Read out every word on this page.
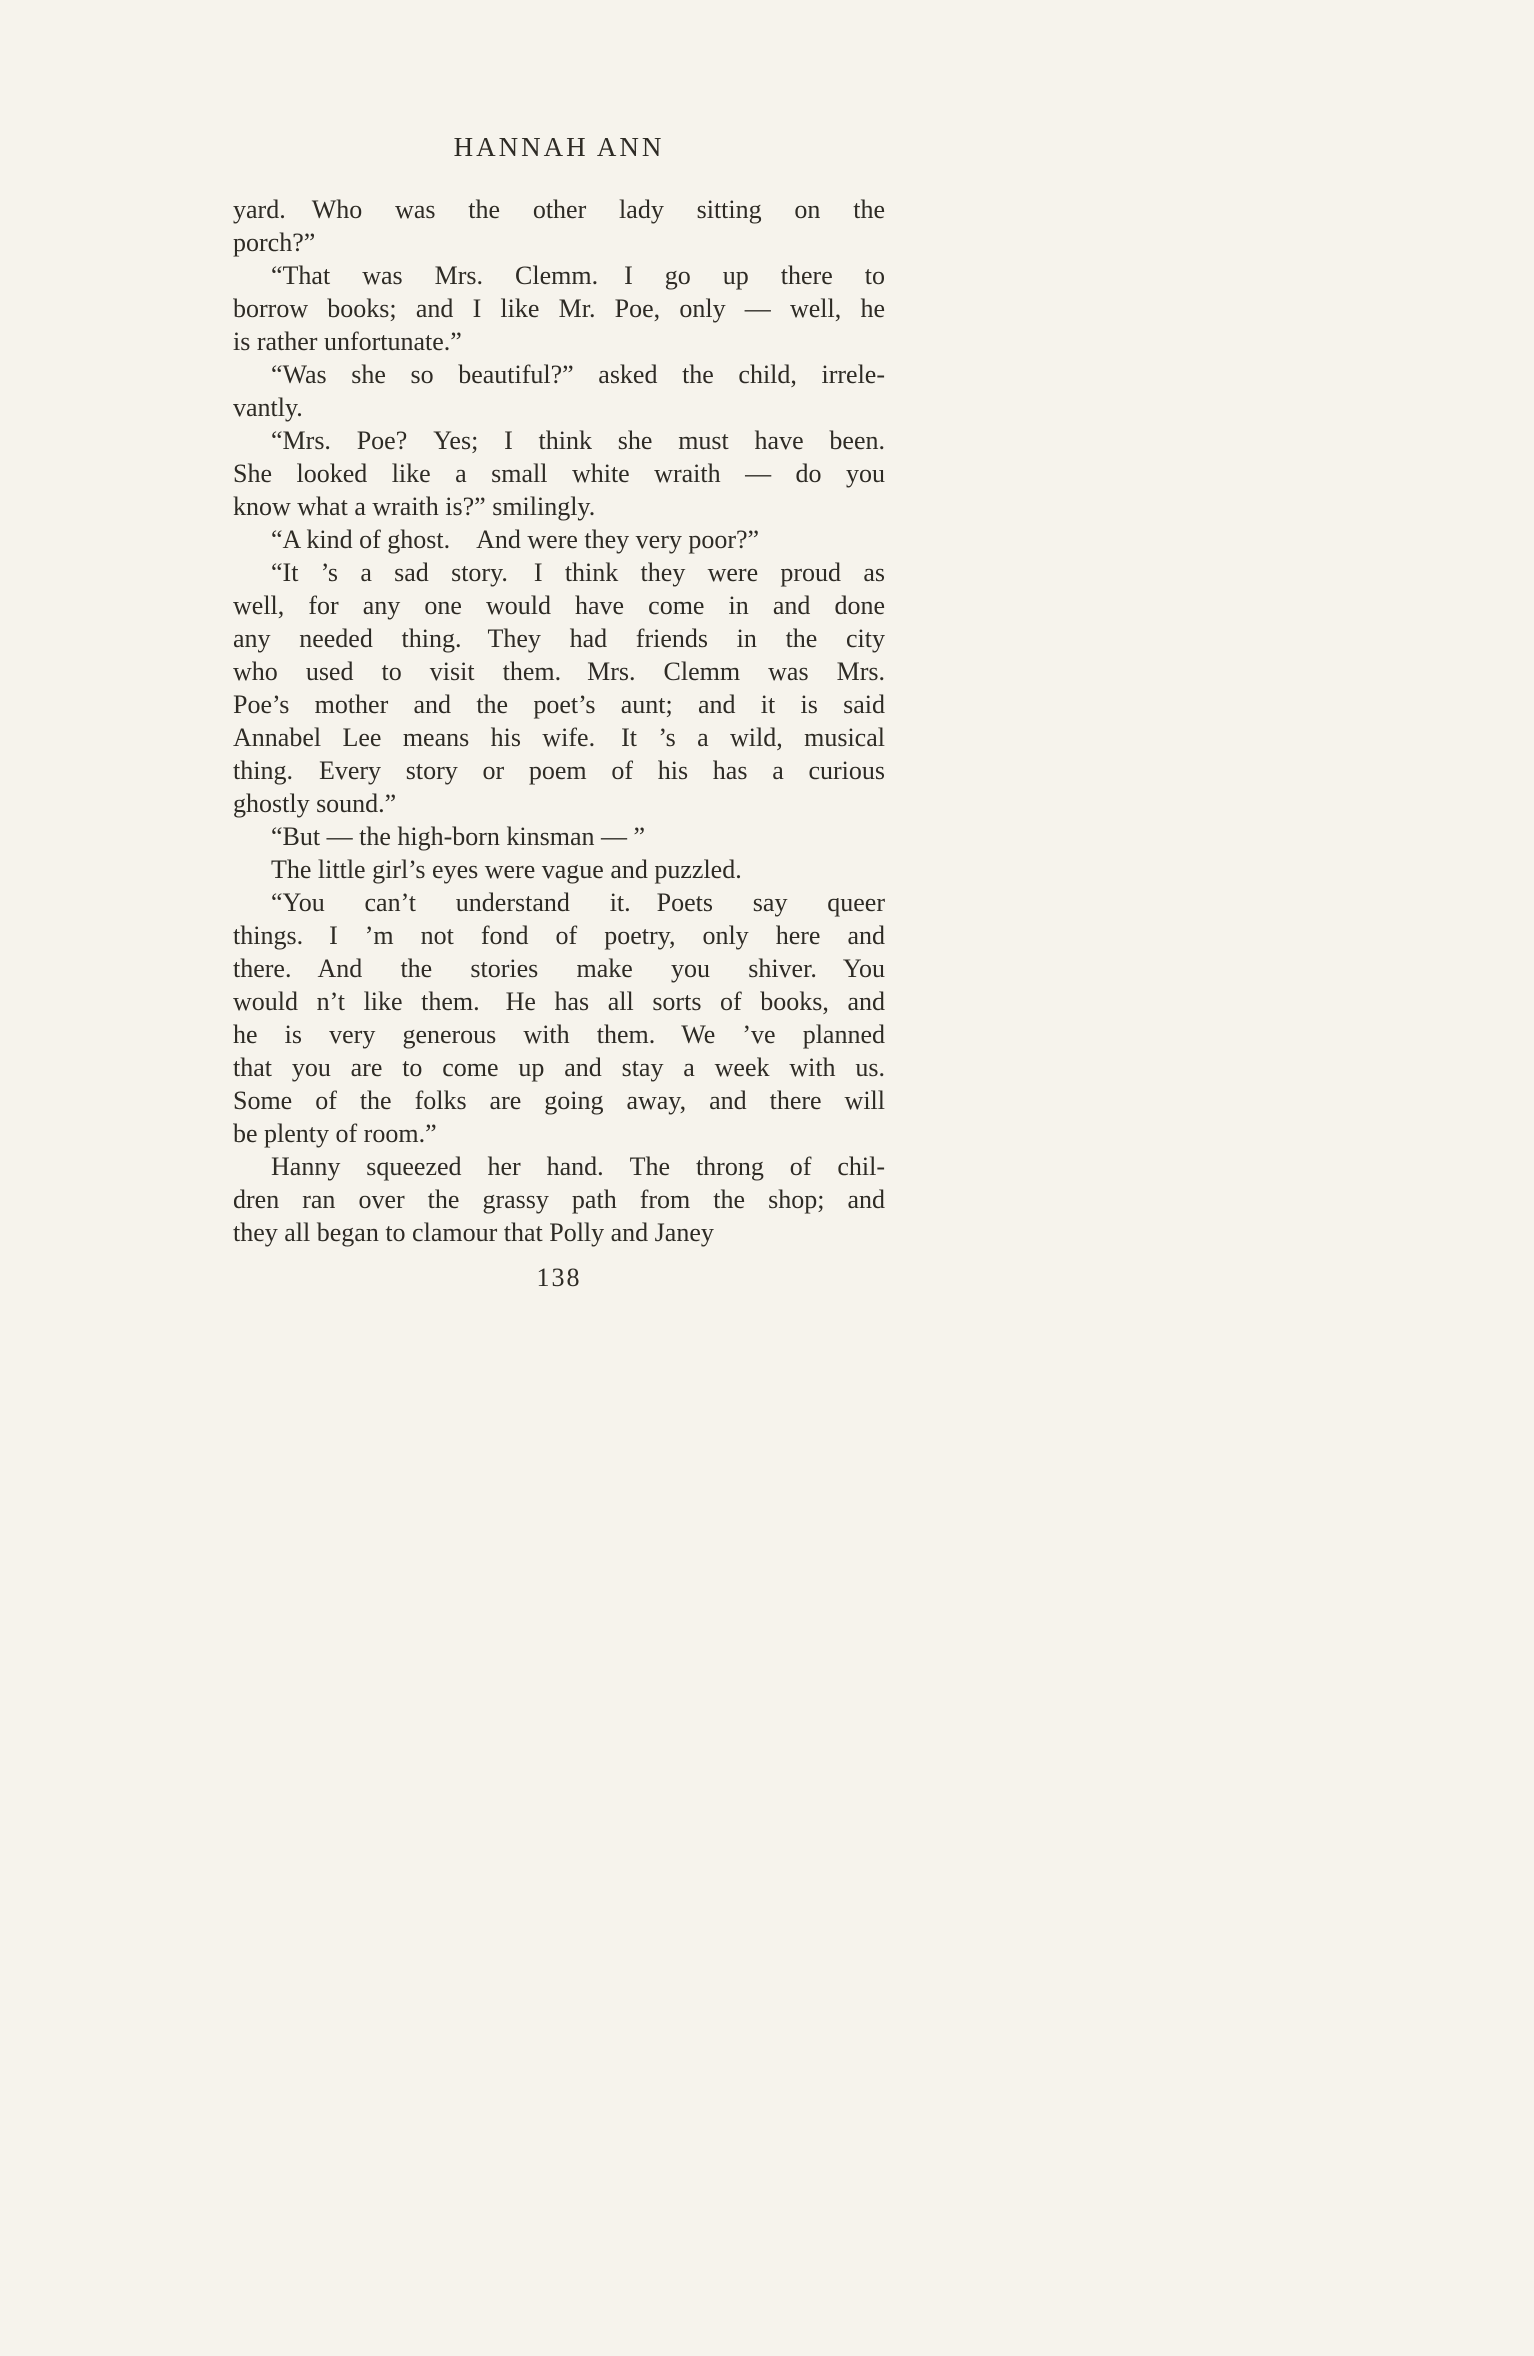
HANNAH ANN
yard. Who was the other lady sitting on the
porch?”
“That was Mrs. Clemm. I go up there to
borrow books; and I like Mr. Poe, only — well, he
is rather unfortunate.”
“Was she so beautiful?” asked the child, irrele-
vantly.
“Mrs. Poe? Yes; I think she must have been.
She looked like a small white wraith — do you
know what a wraith is?” smilingly.
“A kind of ghost. And were they very poor?”
“It ’s a sad story. I think they were proud as
well, for any one would have come in and done
any needed thing. They had friends in the city
who used to visit them. Mrs. Clemm was Mrs.
Poe’s mother and the poet’s aunt; and it is said
Annabel Lee means his wife. It ’s a wild, musical
thing. Every story or poem of his has a curious
ghostly sound.”
“But — the high-born kinsman — ”
The little girl’s eyes were vague and puzzled.
“You can’t understand it. Poets say queer
things. I ’m not fond of poetry, only here and
there. And the stories make you shiver. You
would n’t like them. He has all sorts of books, and
he is very generous with them. We ’ve planned
that you are to come up and stay a week with us.
Some of the folks are going away, and there will
be plenty of room.”
Hanny squeezed her hand. The throng of chil-
dren ran over the grassy path from the shop; and
they all began to clamour that Polly and Janey
138
